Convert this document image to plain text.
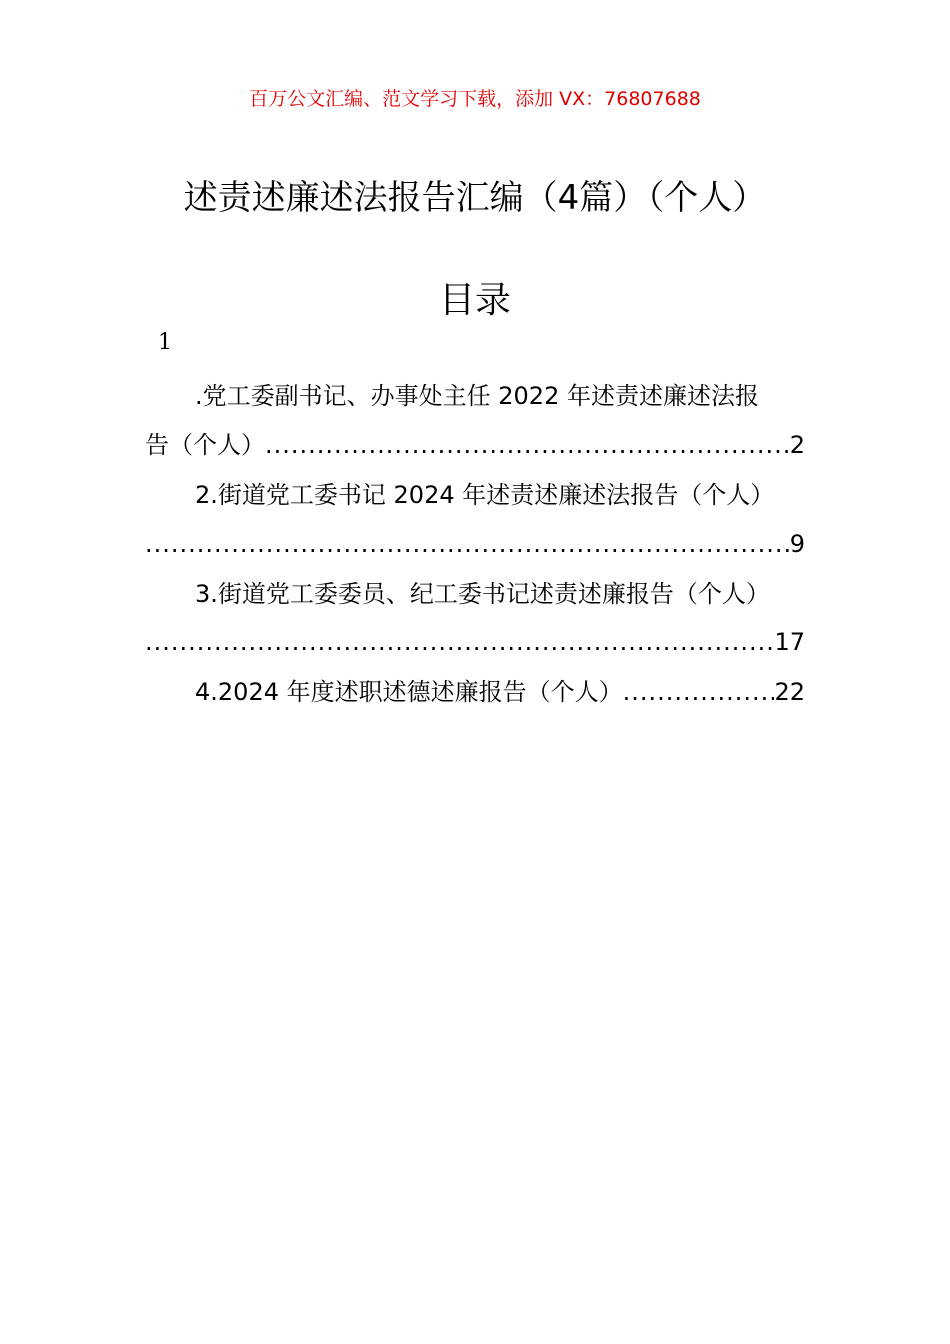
百万公文汇编、范文学习下载，添加 VX：76807688
述责述廉述法报告汇编（4篇）（个人）
目录
1
.党工委副书记、办事处主任 2022 年述责述廉述法报
告（个人） .....	2
2.街道党工委书记 2024 年述责述廉述法报告（个人）
.....
9
3.街道党工委委员、纪工委书记述责述廉报告（个人）
.....
17
4.2024 年度述职述德述廉报告（个人） .....	22
